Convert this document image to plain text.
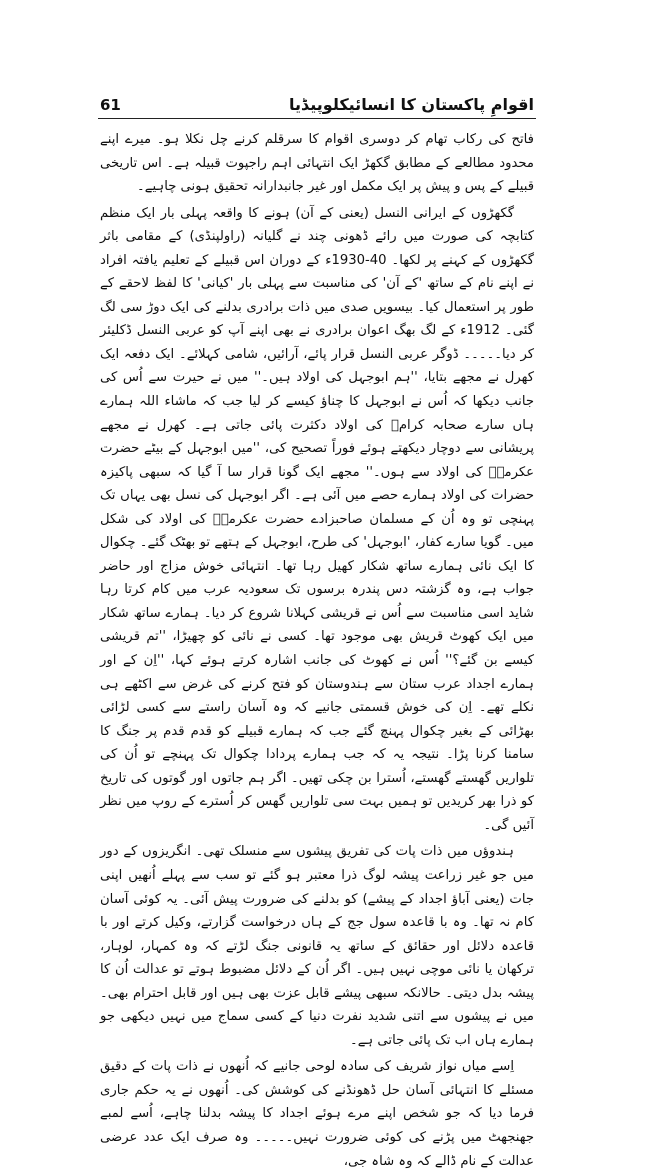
61	اقوامِ پاکستان کا انسائیکلوپیڈیا

فاتح کی رکاب تھام کر دوسری اقوام کا سرقلم کرنے چل نکلا ہو۔ میرے اپنے محدود مطالعے کے مطابق گکھڑ ایک انتہائی اہم راجپوت قبیلہ ہے۔ اس تاریخی قبیلے کے پس و پیش پر ایک مکمل اور غیر جانبدارانہ تحقیق ہونی چاہیے۔

گکھڑوں کے ایرانی النسل (یعنی کے آن) ہونے کا واقعہ پہلی بار ایک منظم کتابچہ کی صورت میں رائے ڈھونی چند نے گلیانہ (راولپنڈی) کے مقامی باثر گکھڑوں کے کہنے پر لکھا۔ 40-1930ء کے دوران اس قبیلے کے تعلیم یافتہ افراد نے اپنے نام کے ساتھ 'کے آن' کی مناسبت سے پہلی بار 'کیانی' کا لفظ لاحقے کے طور پر استعمال کیا۔ بیسویں صدی میں ذات برادری بدلنے کی ایک دوڑ سی لگ گئی۔ 1912ء کے لگ بھگ اعوان برادری نے بھی اپنے آپ کو عربی النسل ڈکلیئر کر دیا۔۔۔۔۔ ڈوگر عربی النسل قرار پائے، آرائیں، شامی کہلائے۔ ایک دفعہ ایک کھرل نے مجھے بتایا، ''ہم ابوجہل کی اولاد ہیں۔'' میں نے حیرت سے اُس کی جانب دیکھا کہ اُس نے ابوجہل کا چناؤ کیسے کر لیا جب کہ ماشاء اللہ ہمارے ہاں سارے صحابہ کرامؓ کی اولاد دکثرت پائی جاتی ہے۔ کھرل نے مجھے پریشانی سے دوچار دیکھتے ہوئے فوراً تصحیح کی، ''میں ابوجہل کے بیٹے حضرت عکرمہؓ کی اولاد سے ہوں۔'' مجھے ایک گونا قرار سا آ گیا کہ سبھی پاکیزہ حضرات کی اولاد ہمارے حصے میں آئی ہے۔ اگر ابوجہل کی نسل بھی یہاں تک پہنچی تو وہ اُن کے مسلمان صاحبزادے حضرت عکرمہؓ کی اولاد کی شکل میں۔ گویا سارے کفار، 'ابوجہل' کی طرح، ابوجہل کے ہتھے تو بھٹک گئے۔ چکوال کا ایک نائی ہمارے ساتھ شکار کھیل رہا تھا۔ انتہائی خوش مزاج اور حاضر جواب ہے، وہ گزشتہ دس پندرہ برسوں تک سعودیہ عرب میں کام کرتا رہا شاید اسی مناسبت سے اُس نے قریشی کہلانا شروع کر دیا۔ ہمارے ساتھ شکار میں ایک کھوٹ قریش بھی موجود تھا۔ کسی نے نائی کو چھیڑا، ''تم قریشی کیسے بن گئے؟'' اُس نے کھوٹ کی جانب اشارہ کرتے ہوئے کہا، ''اِن کے اور ہمارے اجداد عرب ستان سے ہندوستان کو فتح کرنے کی غرض سے اکٹھے ہی نکلے تھے۔ اِن کی خوش قسمتی جانیے کہ وہ آسان راستے سے کسی لڑائی بھڑائی کے بغیر چکوال پہنچ گئے جب کہ ہمارے قبیلے کو قدم قدم پر جنگ کا سامنا کرنا پڑا۔ نتیجہ یہ کہ جب ہمارے پردادا چکوال تک پہنچے تو اُن کی تلواریں گھستے گھستے، اُسترا بن چکی تھیں۔ اگر ہم جاتوں اور گوتوں کی تاریخ کو ذرا بھر کریدیں تو ہمیں بہت سی تلواریں گھس کر اُسترے کے روپ میں نظر آئیں گی۔

ہندوؤں میں ذات پات کی تفریق پیشوں سے منسلک تھی۔ انگریزوں کے دور میں جو غیر زراعت پیشہ لوگ ذرا معتبر ہو گئے تو سب سے پہلے اُنھیں اپنی جات (یعنی آباؤ اجداد کے پیشے) کو بدلنے کی ضرورت پیش آئی۔ یہ کوئی آسان کام نہ تھا۔ وہ با قاعدہ سول جج کے ہاں درخواست گزارتے، وکیل کرتے اور با قاعدہ دلائل اور حقائق کے ساتھ یہ قانونی جنگ لڑتے کہ وہ کمہار، لوہار، ترکھان یا نائی موچی نہیں ہیں۔ اگر اُن کے دلائل مضبوط ہوتے تو عدالت اُن کا پیشہ بدل دیتی۔ حالانکہ سبھی پیشے قابل عزت بھی ہیں اور قابل احترام بھی۔ میں نے پیشوں سے اتنی شدید نفرت دنیا کے کسی سماج میں نہیں دیکھی جو ہمارے ہاں اب تک پائی جاتی ہے۔

اِسے میاں نواز شریف کی سادہ لوحی جانیے کہ اُنھوں نے ذات پات کے دقیق مسئلے کا انتہائی آسان حل ڈھونڈنے کی کوشش کی۔ اُنھوں نے یہ حکم جاری فرما دیا کہ جو شخص اپنے مرے ہوئے اجداد کا پیشہ بدلنا چاہے، اُسے لمبے جھنجھٹ میں پڑنے کی کوئی ضرورت نہیں۔۔۔۔۔ وہ صرف ایک عدد عرضی عدالت کے نام ڈالے کہ وہ شاہ جی،
